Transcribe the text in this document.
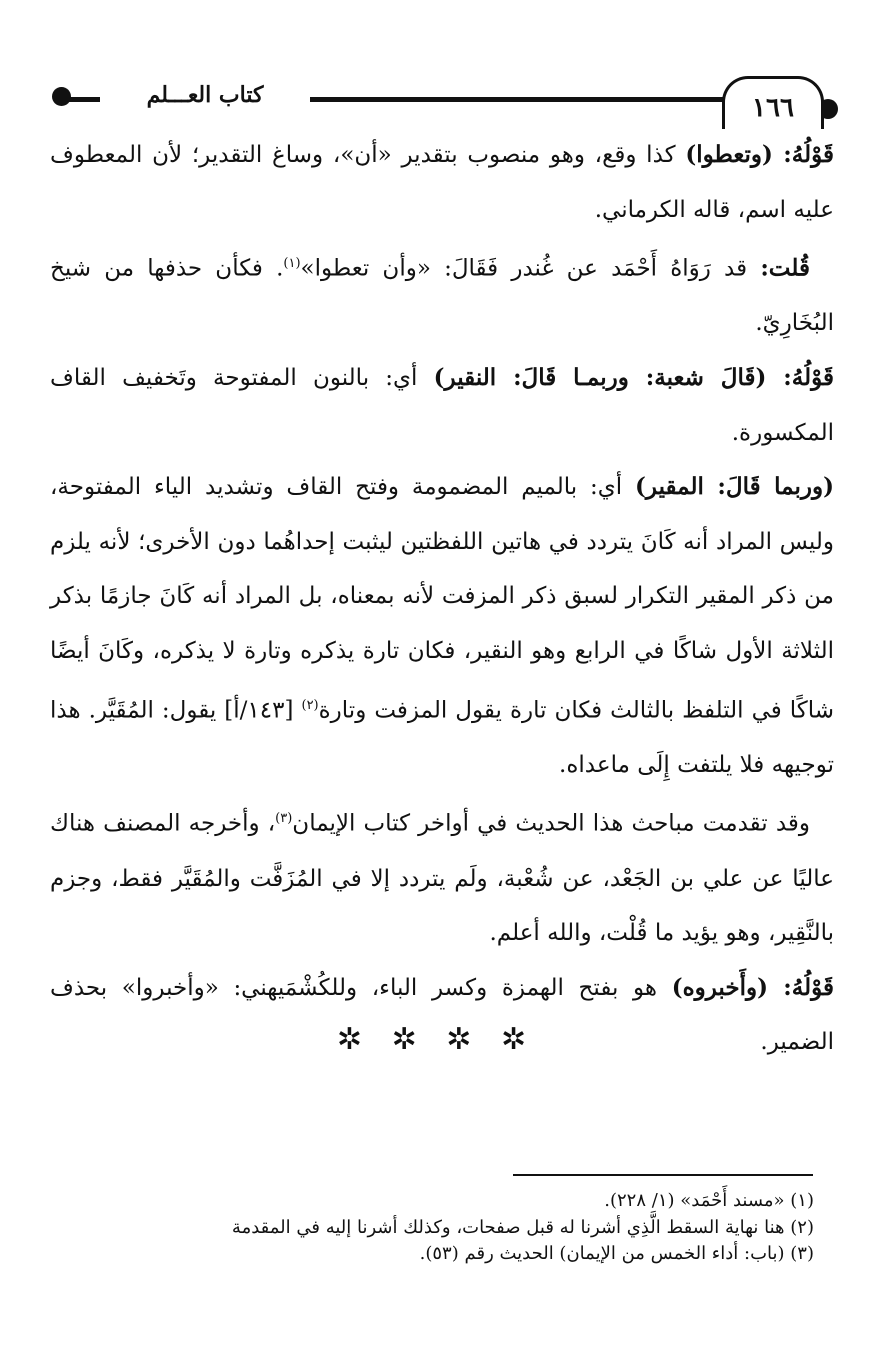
كتاب العـــلم	١٦٦

قَوْلُهُ: (وتعطوا) كذا وقع، وهو منصوب بتقدير «أن»، وساغ التقدير؛ لأن المعطوف عليه اسم، قاله الكرماني.

قُلت: قد رَوَاهُ أَحْمَد عن غُندر فَقَالَ: «وأن تعطوا»$^{(١)}$. فكأن حذفها من شيخ البُخَارِيّ.

قَوْلُهُ: (قَالَ شعبة: وربمـا قَالَ: النقير) أي: بالنون المفتوحة وتَخفيف القاف المكسورة.

(وربما قَالَ: المقير) أي: بالميم المضمومة وفتح القاف وتشديد الياء المفتوحة، وليس المراد أنه كَانَ يتردد في هاتين اللفظتين ليثبت إحداهُما دون الأخرى؛ لأنه يلزم من ذكر المقير التكرار لسبق ذكر المزفت لأنه بمعناه، بل المراد أنه كَانَ جازمًا بذكر الثلاثة الأول شاكًا في الرابع وهو النقير، فكان تارة يذكره وتارة لا يذكره، وكَانَ أيضًا شاكًا في التلفظ بالثالث فكان تارة يقول المزفت وتارة$^{(٢)}$ [١٤٣/أ] يقول: المُقَيَّر. هذا توجيهه فلا يلتفت إِلَى ماعداه.

وقد تقدمت مباحث هذا الحديث في أواخر كتاب الإيمان$^{(٣)}$، وأخرجه المصنف هناك عاليًا عن علي بن الجَعْد، عن شُعْبة، ولَم يتردد إلا في المُزَفَّت والمُقَيَّر فقط، وجزم بالنَّقِير، وهو يؤيد ما قُلْت، والله أعلم.

قَوْلُهُ: (وأَخبروه) هو بفتح الهمزة وكسر الباء، وللكُشْمَيهني: «وأخبروا» بحذف الضمير.

✲ ✲ ✲ ✲

(١) «مسند أَحْمَد» (١/ ٢٢٨).

(٢) هنا نهاية السقط الَّذِي أشرنا له قبل صفحات، وكذلك أشرنا إليه في المقدمة

(٣) (باب: أداء الخمس من الإيمان) الحديث رقم (٥٣).
